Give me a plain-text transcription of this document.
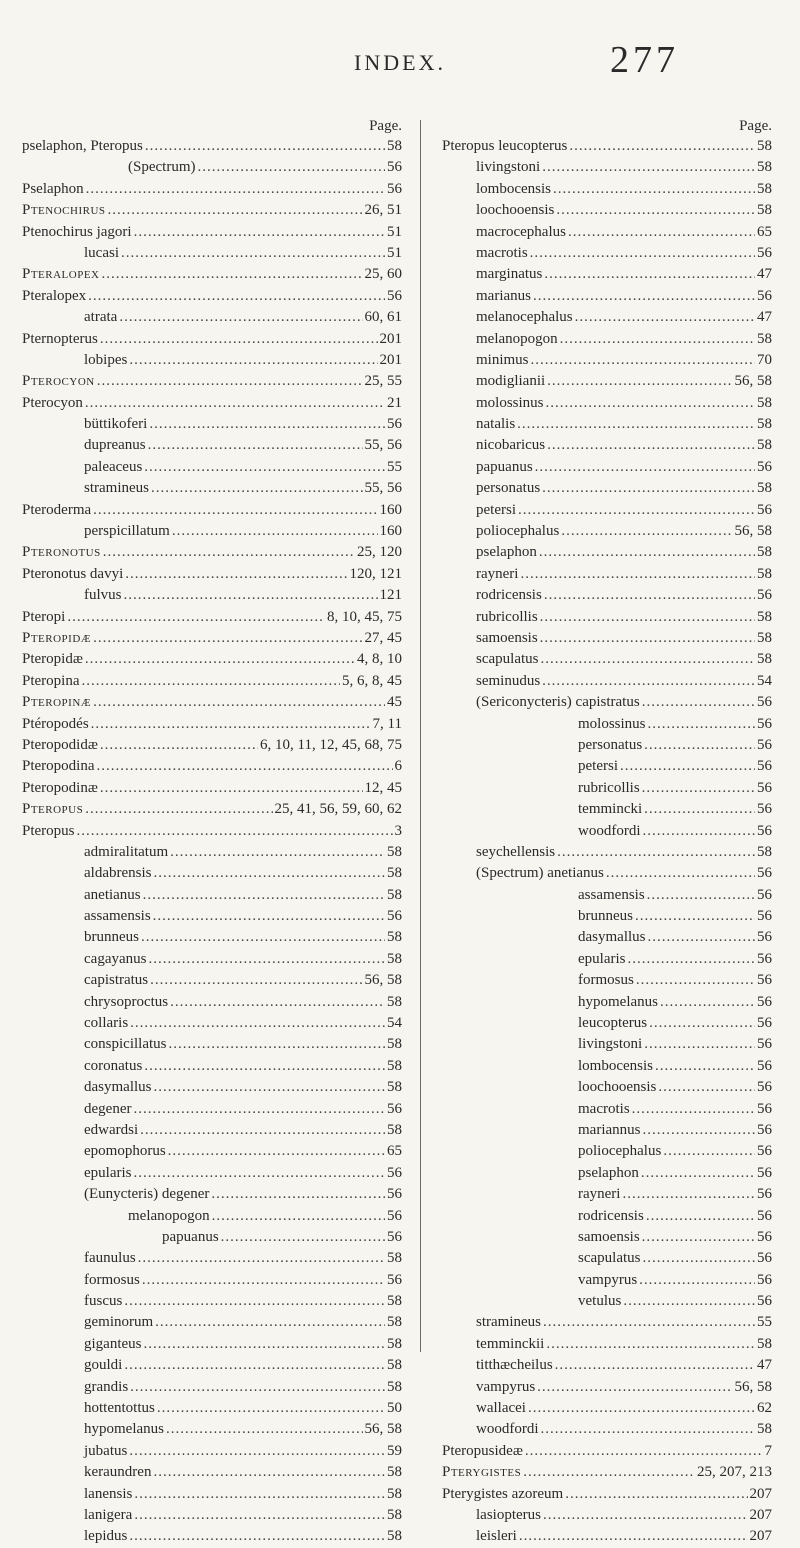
INDEX.	277
Page.
pselaphon, Pteropus .....	58
(Spectrum) .....	56
Pselaphon .....	56
Ptenochirus .....	26, 51
Ptenochirus jagori .....	51
lucasi .....	51
Pteralopex .....	25, 60
Pteralopex .....	56
atrata .....	60, 61
Pternopterus .....	201
lobipes .....	201
Pterocyon .....	25, 55
Pterocyon .....	21
büttikoferi .....	56
dupreanus .....	55, 56
paleaceus .....	55
stramineus .....	55, 56
Pteroderma .....	160
perspicillatum .....	160
Pteronotus .....	25, 120
Pteronotus davyi .....	120, 121
fulvus .....	121
Pteropi .....	8, 10, 45, 75
Pteropidæ .....	27, 45
Pteropidæ .....	4, 8, 10
Pteropina .....	5, 6, 8, 45
Pteropinæ .....	45
Ptéropodés .....	7, 11
Pteropodidæ .....	6, 10, 11, 12, 45, 68, 75
Pteropodina .....	6
Pteropodinæ .....	12, 45
Pteropus .....	25, 41, 56, 59, 60, 62
Pteropus .....	3
admiralitatum .....	58
aldabrensis .....	58
anetianus .....	58
assamensis .....	56
brunneus .....	58
cagayanus .....	58
capistratus .....	56, 58
chrysoproctus .....	58
collaris .....	54
conspicillatus .....	58
coronatus .....	58
dasymallus .....	58
degener .....	56
edwardsi .....	58
epomophorus .....	65
epularis .....	56
(Eunycteris) degener .....	56
melanopogon .....	56
papuanus .....	56
faunulus .....	58
formosus .....	56
fuscus .....	58
geminorum .....	58
giganteus .....	58
gouldi .....	58
grandis .....	58
hottentottus .....	50
hypomelanus .....	56, 58
jubatus .....	59
keraundren .....	58
lanensis .....	58
lanigera .....	58
lepidus .....	58
Page.
Pteropus leucopterus .....	58
livingstoni .....	58
lombocensis .....	58
loochooensis .....	58
macrocephalus .....	65
macrotis .....	56
marginatus .....	47
marianus .....	56
melanocephalus .....	47
melanopogon .....	58
minimus .....	70
modiglianii .....	56, 58
molossinus .....	58
natalis .....	58
nicobaricus .....	58
papuanus .....	56
personatus .....	58
petersi .....	56
poliocephalus .....	56, 58
pselaphon .....	58
rayneri .....	58
rodricensis .....	56
rubricollis .....	58
samoensis .....	58
scapulatus .....	58
seminudus .....	54
(Sericonycteris) capistratus .....	56
molossinus .....	56
personatus .....	56
petersi .....	56
rubricollis .....	56
temmincki .....	56
woodfordi .....	56
seychellensis .....	58
(Spectrum) anetianus .....	56
assamensis .....	56
brunneus .....	56
dasymallus .....	56
epularis .....	56
formosus .....	56
hypomelanus .....	56
leucopterus .....	56
livingstoni .....	56
lombocensis .....	56
loochooensis .....	56
macrotis .....	56
mariannus .....	56
poliocephalus .....	56
pselaphon .....	56
rayneri .....	56
rodricensis .....	56
samoensis .....	56
scapulatus .....	56
vampyrus .....	56
vetulus .....	56
stramineus .....	55
temminckii .....	58
titthæcheilus .....	47
vampyrus .....	56, 58
wallacei .....	62
woodfordi .....	58
Pteropusideæ .....	7
Pterygistes .....	25, 207, 213
Pterygistes azoreum .....	207
lasiopterus .....	207
leisleri .....	207
